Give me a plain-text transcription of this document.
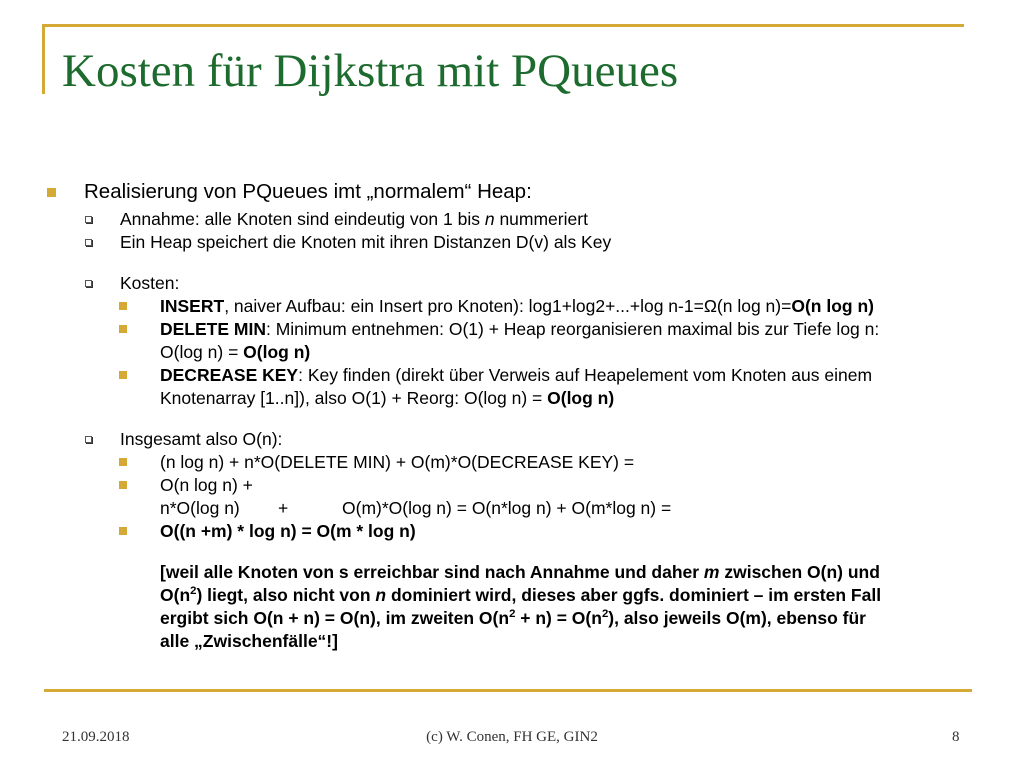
Kosten für Dijkstra mit PQueues
Realisierung von PQueues imt „normalem“ Heap:
Annahme: alle Knoten sind eindeutig von 1 bis n nummeriert
Ein Heap speichert die Knoten mit ihren Distanzen D(v) als Key
Kosten:
INSERT, naiver Aufbau: ein Insert pro Knoten): log1+log2+...+log n-1=Ω(n log n)=O(n log n)
DELETE MIN: Minimum entnehmen: O(1) + Heap reorganisieren maximal bis zur Tiefe log n:
O(log n) = O(log n)
DECREASE KEY: Key finden (direkt über Verweis auf Heapelement vom Knoten aus einem
Knotenarray [1..n]), also O(1) + Reorg: O(log n) = O(log n)
Insgesamt also O(n):
(n log n) + n*O(DELETE MIN) + O(m)*O(DECREASE KEY) =
O(n log n) + n*O(log n) +	O(m)*O(log n) = O(n*log n) + O(m*log n) =
O((n +m) * log n) = O(m * log n)
[weil alle Knoten von s erreichbar sind nach Annahme und daher m zwischen O(n) und
$O(n^2)$ liegt, also nicht von n dominiert wird, dieses aber ggfs. dominiert – im ersten Fall
ergibt sich O(n + n) = O(n), im zweiten $O(n^2 + n) = O(n^2)$, also jeweils O(m), ebenso für
alle „Zwischenfälle“!]
21.09.2018	(c) W. Conen, FH GE, GIN2	8
